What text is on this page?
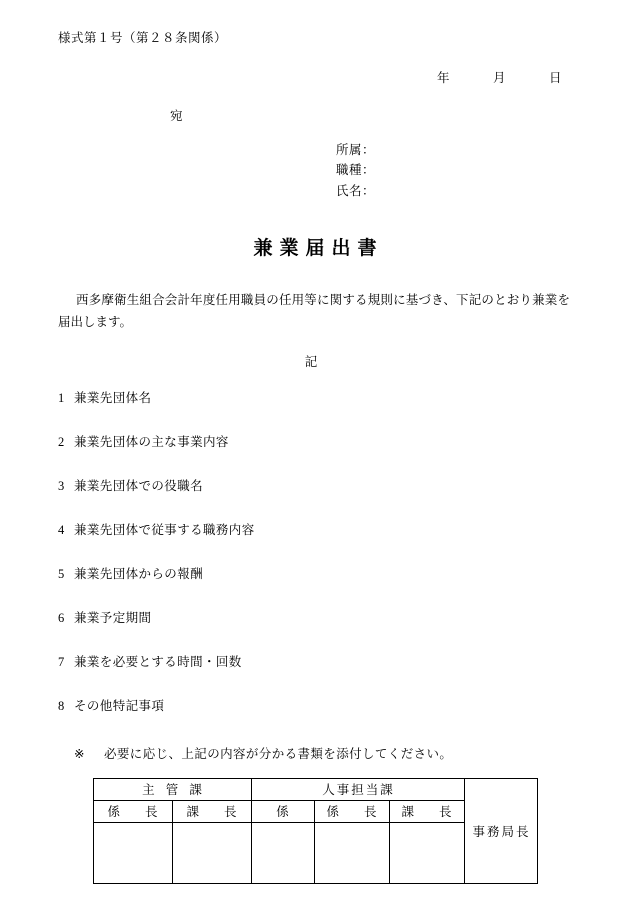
様式第１号（第２８条関係）
年	月	日
宛
所属：
職種：
氏名：
兼業届出書
西多摩衛生組合会計年度任用職員の任用等に関する規則に基づき、下記のとおり兼業を届出します。
記
1 兼業先団体名
2 兼業先団体の主な事業内容
3 兼業先団体での役職名
4 兼業先団体で従事する職務内容
5 兼業先団体からの報酬
6 兼業予定期間
7 兼業を必要とする時間・回数
8 その他特記事項
※ 必要に応じ、上記の内容が分かる書類を添付してください。
主 管 課		人事担当課			事務局長
係　　長	課　　長	係	係　　長	課　　長	
